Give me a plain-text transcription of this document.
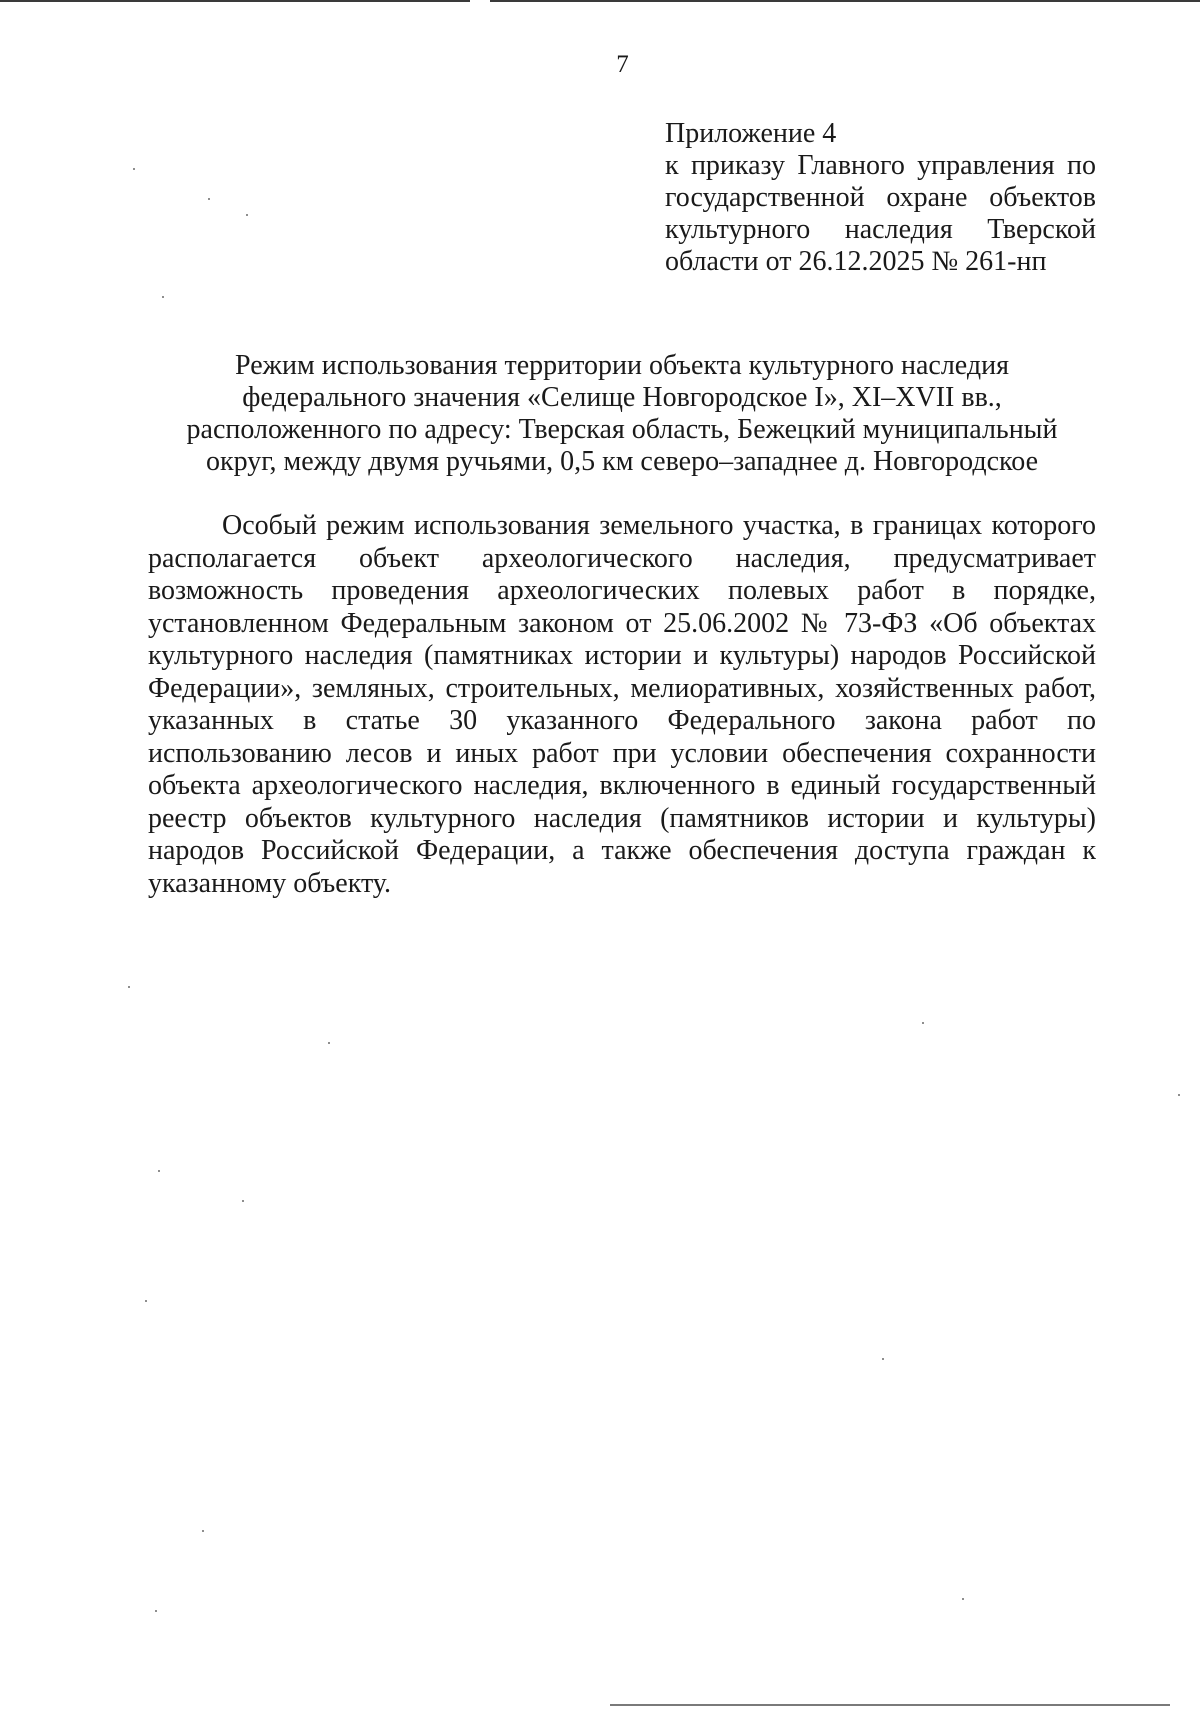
7
Приложение 4
к приказу Главного управления по
государственной охране объектов
культурного наследия Тверской
области от 26.12.2025 № 261-нп
Режим использования территории объекта культурного наследия
федерального значения «Селище Новгородское I», XI–XVII вв.,
расположенного по адресу: Тверская область, Бежецкий муниципальный
округ, между двумя ручьями, 0,5 км северо–западнее д. Новгородское
Особый режим использования земельного участка, в границах которого
располагается объект археологического наследия, предусматривает
возможность проведения археологических полевых работ в порядке,
установленном Федеральным законом от 25.06.2002 № 73-ФЗ «Об объектах
культурного наследия (памятниках истории и культуры) народов Российской
Федерации», земляных, строительных, мелиоративных, хозяйственных работ,
указанных в статье 30 указанного Федерального закона работ по
использованию лесов и иных работ при условии обеспечения сохранности
объекта археологического наследия, включенного в единый государственный
реестр объектов культурного наследия (памятников истории и культуры)
народов Российской Федерации, а также обеспечения доступа граждан к
указанному объекту.
